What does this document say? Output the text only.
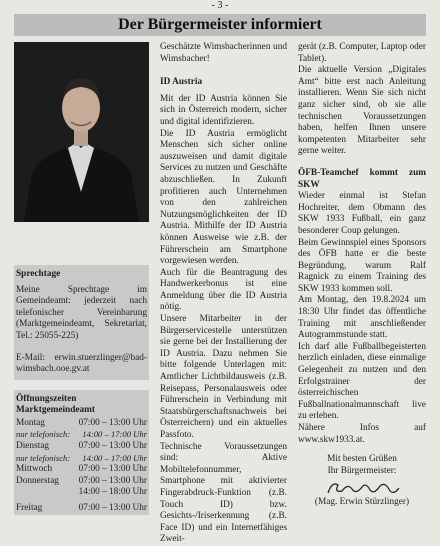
- 3 -
Der Bürgermeister informiert

Sprechtage

Meine Sprechtage im Gemeindeamt: jederzeit nach telefonischer Vereinbarung (Marktgemeindeamt, Sekretariat, Tel.: 25055-225)

E-Mail: erwin.stuerzlinger@bad-wimsbach.ooe.gv.at

Öffnungszeiten Marktgemeindeamt

Montag	07:00 – 13:00 Uhr
nur telefonisch:	14:00 – 17:00 Uhr
Dienstag	07:00 – 13:00 Uhr
nur telefonisch:	14:00 – 17:00 Uhr
Mittwoch	07:00 – 13:00 Uhr
Donnerstag	07:00 – 13:00 Uhr
	14:00 – 18:00 Uhr
Freitag	07:00 – 13:00 Uhr

Geschätzte Wimsbacherinnen und Wimsbacher!

ID Austria

Mit der ID Austria können Sie sich in Österreich modern, sicher und digital identifizieren.

Die ID Austria ermöglicht Menschen sich sicher online auszuweisen und damit digitale Services zu nutzen und Geschäfte abzuschließen. In Zukunft profitieren auch Unternehmen von den zahlreichen Nutzungsmöglichkeiten der ID Austria. Mithilfe der ID Austria können Ausweise wie z.B. der Führerschein am Smartphone vorgewiesen werden.

Auch für die Beantragung des Handwerkerbonus ist eine Anmeldung über die ID Austria nötig.

Unsere Mitarbeiter in der Bürgerservicestelle unterstützen sie gerne bei der Installierung der ID Austria. Dazu nehmen Sie bitte folgende Unterlagen mit: Amtlicher Lichtbildausweis (z.B. Reisepass, Personalausweis oder Führerschein in Verbindung mit Staatsbürgerschaftsnachweis bei Österreichern) und ein aktuelles Passfoto.

Technische Voraussetzungen sind: Aktive Mobiltelefonnummer, Smartphone mit aktivierter Fingerabdruck-Funktion (z.B. Touch ID) bzw. Gesichts-/Iriserkennung (z.B. Face ID) und ein Internetfähiges Zweit-

gerät (z.B. Computer, Laptop oder Tablet).

Die aktuelle Version „Digitales Amt“ bitte erst nach Anleitung installieren. Wenn Sie sich nicht ganz sicher sind, ob sie alle technischen Voraussetzungen haben, helfen Ihnen unsere kompetenten Mitarbeiter sehr gerne weiter.

ÖFB-Teamchef kommt zum SKW

Wieder einmal ist Stefan Hochreiter, dem Obmann des SKW 1933 Fußball, ein ganz besonderer Coup gelungen.

Beim Gewinnspiel eines Sponsors des ÖFB hatte er die beste Begründung, warum Ralf Ragnick zu einem Training des SKW 1933 kommen soll.

Am Montag, den 19.8.2024 um 18:30 Uhr findet das öffentliche Training mit anschließender Autogrammstunde statt.

Ich darf alle Fußballbegeisterten herzlich einladen, diese einmalige Gelegenheit zu nutzen und den Erfolgstrainer der österreichischen Fußballnationalmannschaft live zu erleben.

Nähere Infos auf www.skw1933.at.

Mit besten Grüßen

Ihr Bürgermeister:

(Mag. Erwin Stürzlinger)
